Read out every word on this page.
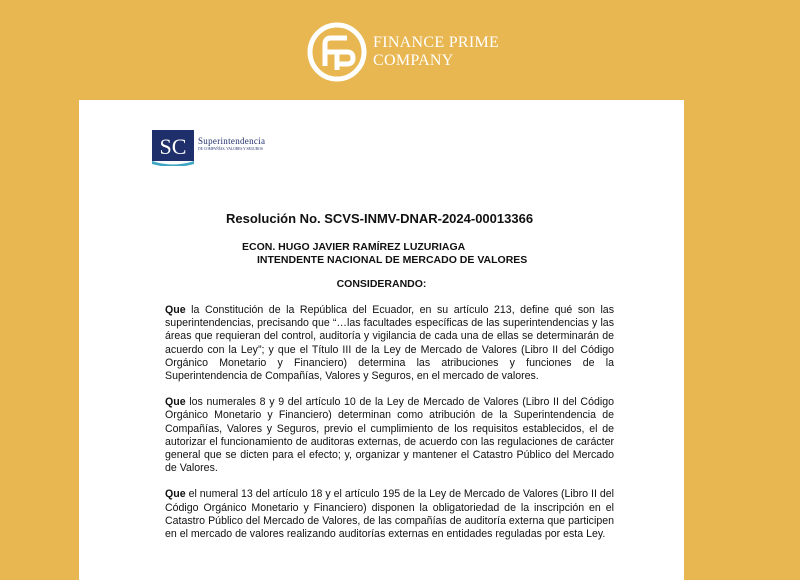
FINANCE PRIME
COMPANY
SC Superintendencia
DE COMPAÑÍAS, VALORES Y SEGUROS
Resolución No. SCVS-INMV-DNAR-2024-00013366
ECON. HUGO JAVIER RAMÍREZ LUZURIAGA
INTENDENTE NACIONAL DE MERCADO DE VALORES
CONSIDERANDO:

Que la Constitución de la República del Ecuador, en su artículo 213, define qué son las superintendencias, precisando que “…las facultades específicas de las superintendencias y las áreas que requieran del control, auditoría y vigilancia de cada una de ellas se determinarán de acuerdo con la Ley”; y que el Título III de la Ley de Mercado de Valores (Libro II del Código Orgánico Monetario y Financiero) determina las atribuciones y funciones de la Superintendencia de Compañías, Valores y Seguros, en el mercado de valores.

Que los numerales 8 y 9 del artículo 10 de la Ley de Mercado de Valores (Libro II del Código Orgánico Monetario y Financiero) determinan como atribución de la Superintendencia de Compañías, Valores y Seguros, previo el cumplimiento de los requisitos establecidos, el de autorizar el funcionamiento de auditoras externas, de acuerdo con las regulaciones de carácter general que se dicten para el efecto; y, organizar y mantener el Catastro Público del Mercado de Valores.

Que el numeral 13 del artículo 18 y el artículo 195 de la Ley de Mercado de Valores (Libro II del Código Orgánico Monetario y Financiero) disponen la obligatoriedad de la inscripción en el Catastro Público del Mercado de Valores, de las compañías de auditoría externa que participen en el mercado de valores realizando auditorías externas en entidades reguladas por esta Ley.
